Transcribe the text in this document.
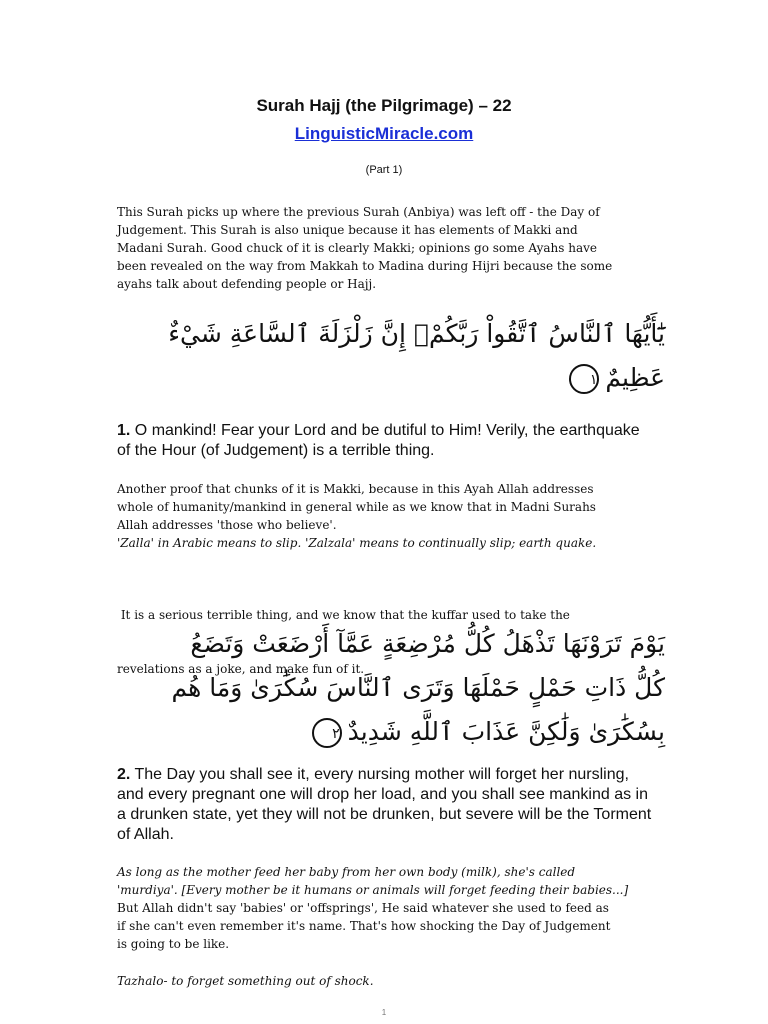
Surah Hajj (the Pilgrimage) – 22
LinguisticMiracle.com
(Part 1)

This Surah picks up where the previous Surah (Anbiya) was left off - the Day of

Judgement. This Surah is also unique because it has elements of Makki and

Madani Surah. Good chuck of it is clearly Makki; opinions go some Ayahs have

been revealed on the way from Makkah to Madina during Hijri because the some

ayahs talk about defending people or Hajj.

يَٰٓأَيُّهَا ٱلنَّاسُ ٱتَّقُواْ رَبَّكُمْۚ إِنَّ زَلْزَلَةَ ٱلسَّاعَةِ شَيْءٌ
عَظِيمٌ١
1. O mankind! Fear your Lord and be dutiful to Him! Verily, the earthquake of the Hour (of Judgement) is a terrible thing.

Another proof that chunks of it is Makki, because in this Ayah Allah addresses

whole of humanity/mankind in general while as we know that in Madni Surahs

Allah addresses 'those who believe'.

'Zalla' in Arabic means to slip. 'Zalzala' means to continually slip; earth quake.

It is a serious terrible thing, and we know that the kuffar used to take the

revelations as a joke, and make fun of it.

يَوْمَ تَرَوْنَهَا تَذْهَلُ كُلُّ مُرْضِعَةٍ عَمَّآ أَرْضَعَتْ وَتَضَعُ
كُلُّ ذَاتِ حَمْلٍ حَمْلَهَا وَتَرَى ٱلنَّاسَ سُكَٰرَىٰ وَمَا هُم
بِسُكَٰرَىٰ وَلَٰكِنَّ عَذَابَ ٱللَّهِ شَدِيدٌ٢
2. The Day you shall see it, every nursing mother will forget her nursling, and every pregnant one will drop her load, and you shall see mankind as in a drunken state, yet they will not be drunken, but severe will be the Torment of Allah.

As long as the mother feed her baby from her own body (milk), she's called

'murdiya'. [Every mother be it humans or animals will forget feeding their babies...]

But Allah didn't say 'babies' or 'offsprings', He said whatever she used to feed as

if she can't even remember it's name. That's how shocking the Day of Judgement

is going to be like.

Tazhalo- to forget something out of shock.
1
